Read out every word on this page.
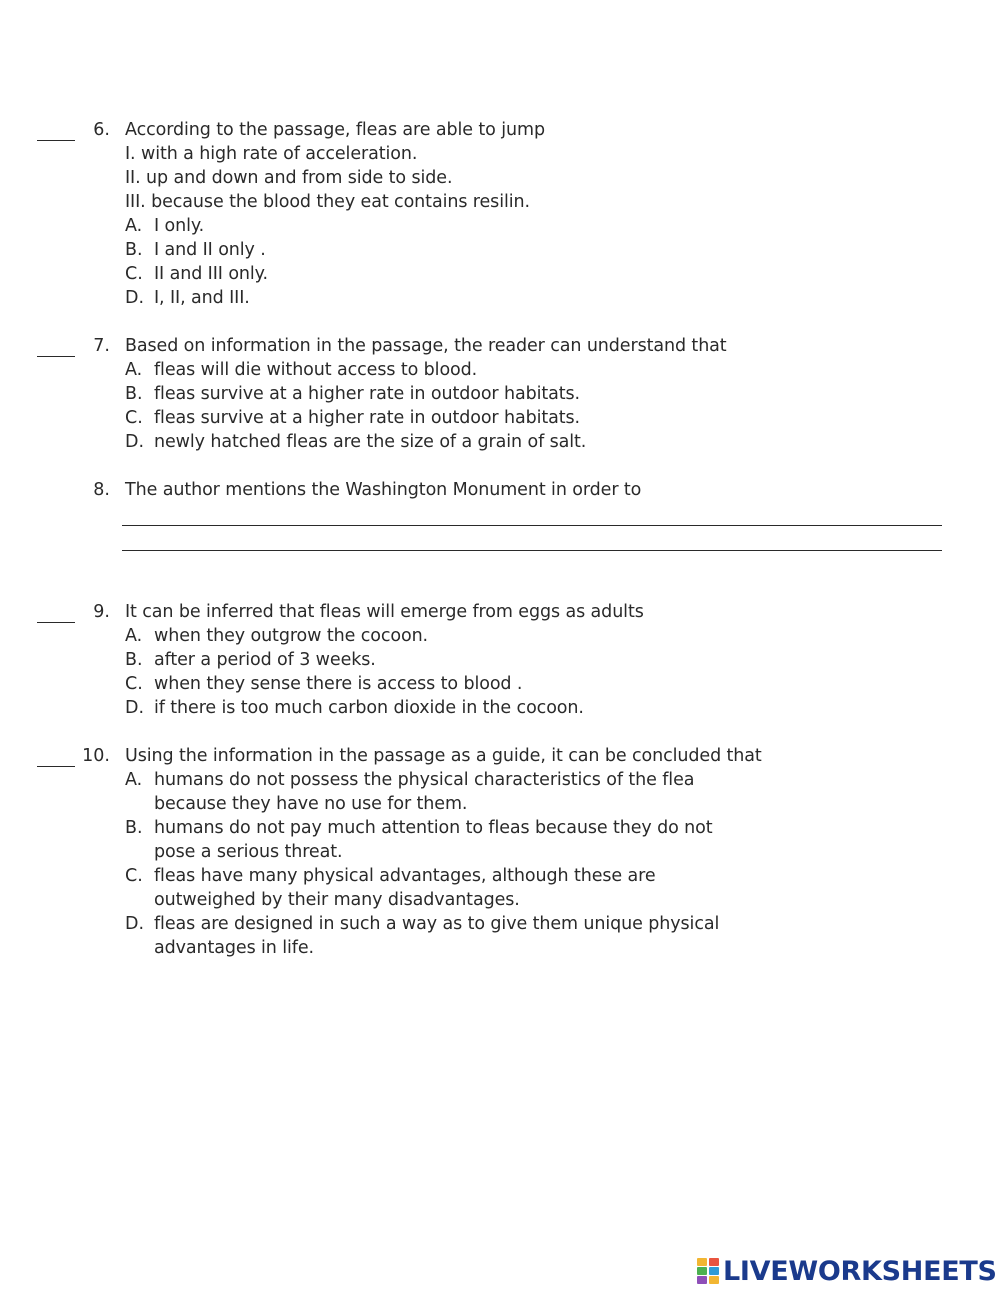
6. According to the passage, fleas are able to jump
I. with a high rate of acceleration.
II. up and down and from side to side.
III. because the blood they eat contains resilin.
A. I only.
B. I and II only .
C. II and III only.
D. I, II, and III.
7. Based on information in the passage, the reader can understand that
A. fleas will die without access to blood.
B. fleas survive at a higher rate in outdoor habitats.
C. fleas survive at a higher rate in outdoor habitats.
D. newly hatched fleas are the size of a grain of salt.
8. The author mentions the Washington Monument in order to
9. It can be inferred that fleas will emerge from eggs as adults
A. when they outgrow the cocoon.
B. after a period of 3 weeks.
C. when they sense there is access to blood .
D. if there is too much carbon dioxide in the cocoon.
10. Using the information in the passage as a guide, it can be concluded that
A. humans do not possess the physical characteristics of the flea
because they have no use for them.
B. humans do not pay much attention to fleas because they do not
pose a serious threat.
C. fleas have many physical advantages, although these are
outweighed by their many disadvantages.
D. fleas are designed in such a way as to give them unique physical
advantages in life.
LIVEWORKSHEETS
